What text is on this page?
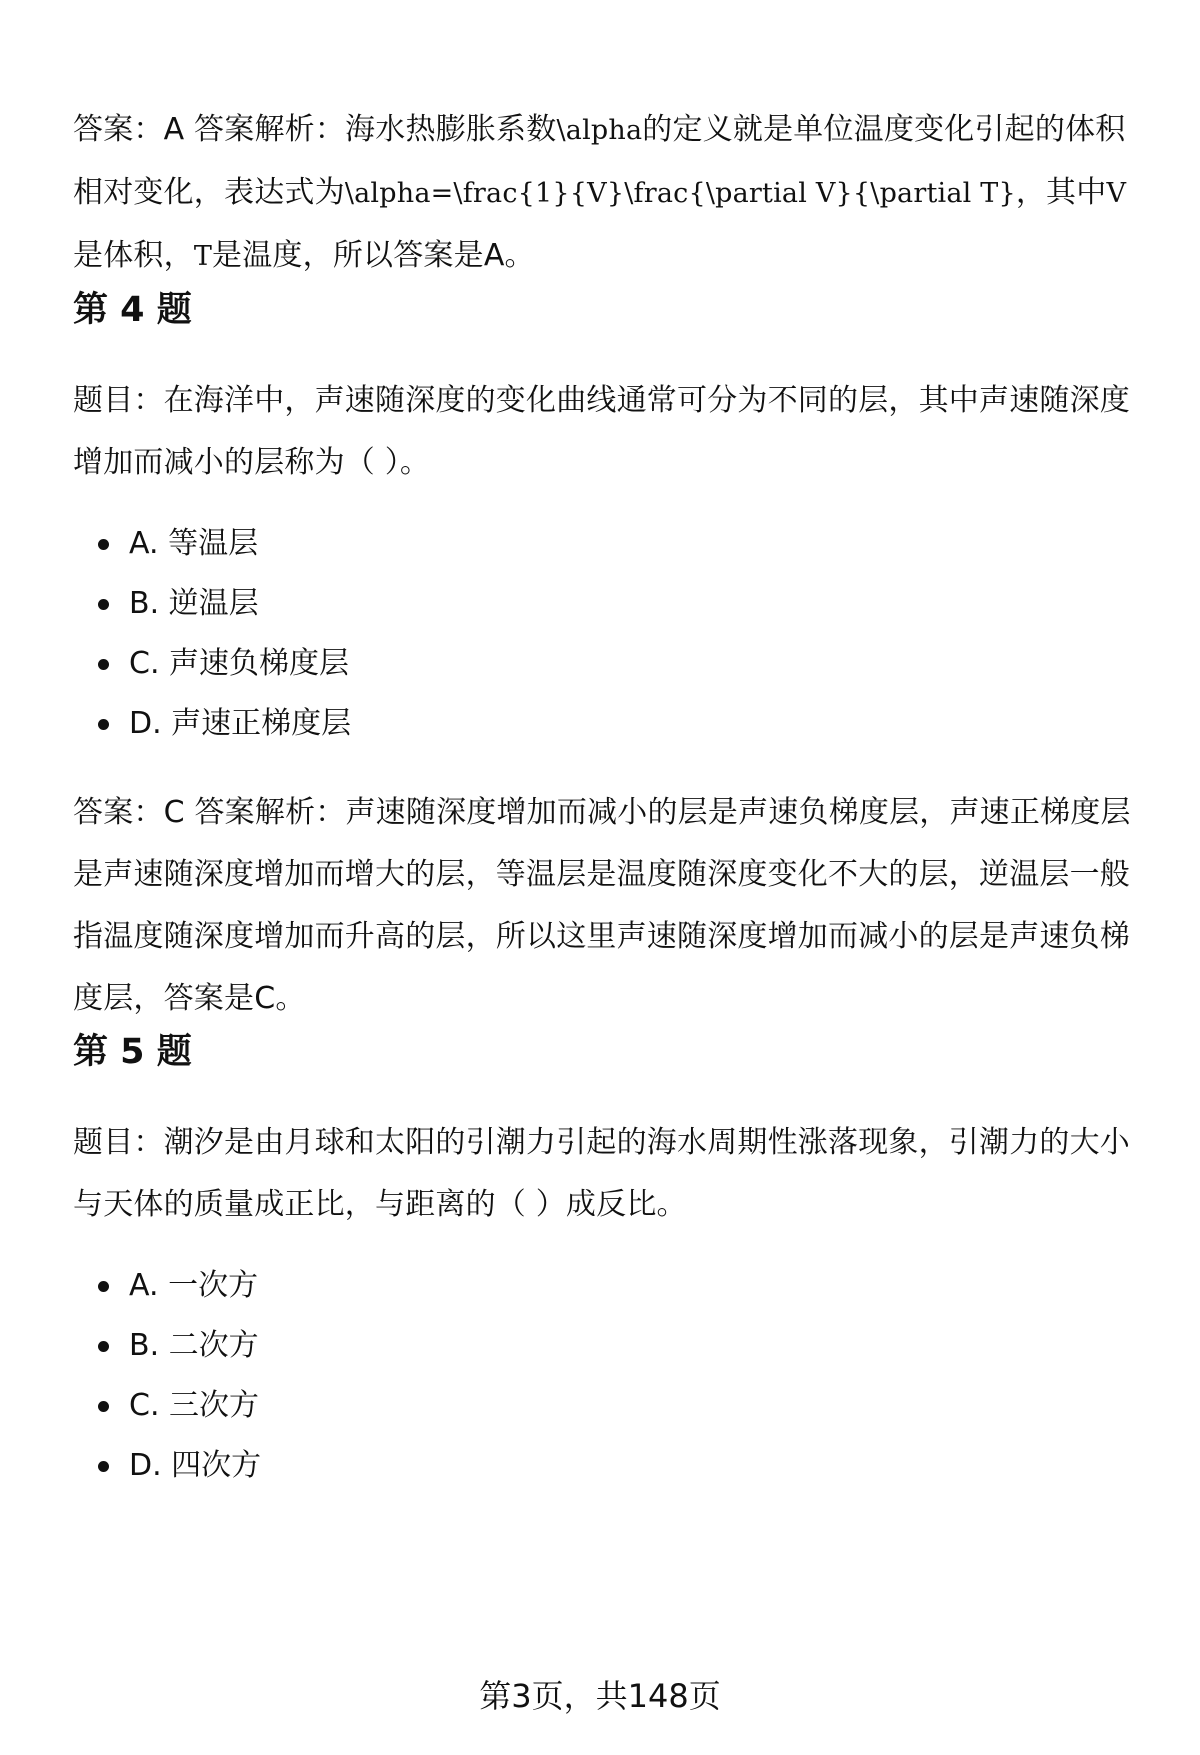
答案：A 答案解析：海水热膨胀系数\alpha的定义就是单位温度变化引起的体积相对变化，表达式为\alpha=\frac{1}{V}\frac{\partial V}{\partial T}，其中V是体积，T是温度，所以答案是A。

第 4 题

题目：在海洋中，声速随深度的变化曲线通常可分为不同的层，其中声速随深度增加而减小的层称为（ ）。

A. 等温层
B. 逆温层
C. 声速负梯度层
D. 声速正梯度层

答案：C 答案解析：声速随深度增加而减小的层是声速负梯度层，声速正梯度层是声速随深度增加而增大的层，等温层是温度随深度变化不大的层，逆温层一般指温度随深度增加而升高的层，所以这里声速随深度增加而减小的层是声速负梯度层，答案是C。

第 5 题

题目：潮汐是由月球和太阳的引潮力引起的海水周期性涨落现象，引潮力的大小与天体的质量成正比，与距离的（ ）成反比。

A. 一次方
B. 二次方
C. 三次方
D. 四次方
第3页，共148页
